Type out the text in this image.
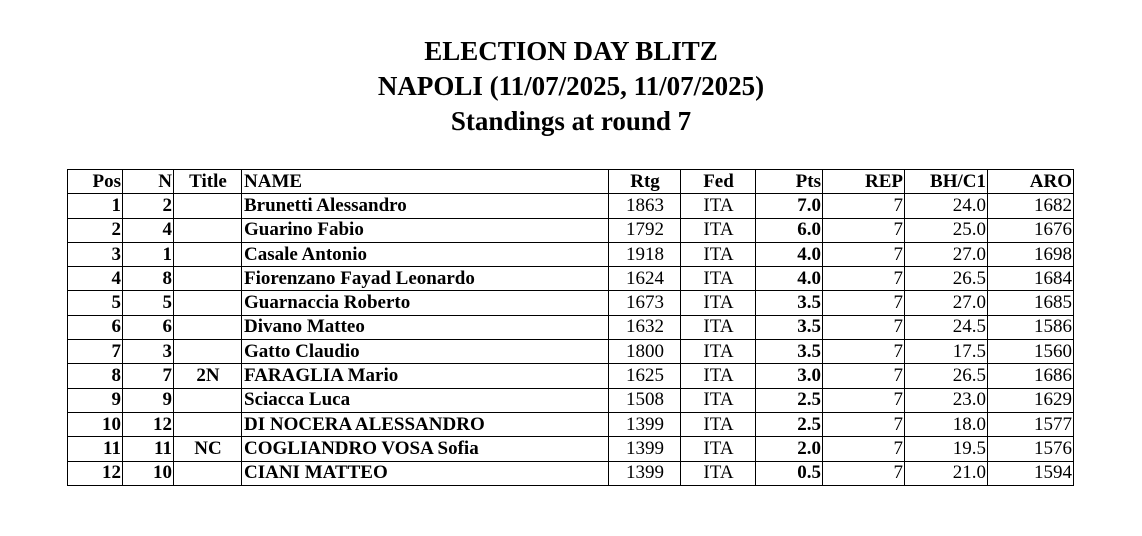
ELECTION DAY BLITZ
NAPOLI (11/07/2025, 11/07/2025)
Standings at round 7
Pos	N	Title	NAME	Rtg	Fed	Pts	REP	BH/C1	ARO
1	2		Brunetti Alessandro	1863	ITA	7.0	7	24.0	1682
2	4		Guarino Fabio	1792	ITA	6.0	7	25.0	1676
3	1		Casale Antonio	1918	ITA	4.0	7	27.0	1698
4	8		Fiorenzano Fayad Leonardo	1624	ITA	4.0	7	26.5	1684
5	5		Guarnaccia Roberto	1673	ITA	3.5	7	27.0	1685
6	6		Divano Matteo	1632	ITA	3.5	7	24.5	1586
7	3		Gatto Claudio	1800	ITA	3.5	7	17.5	1560
8	7	2N	FARAGLIA Mario	1625	ITA	3.0	7	26.5	1686
9	9		Sciacca Luca	1508	ITA	2.5	7	23.0	1629
10	12		DI NOCERA ALESSANDRO	1399	ITA	2.5	7	18.0	1577
11	11	NC	COGLIANDRO VOSA Sofia	1399	ITA	2.0	7	19.5	1576
12	10		CIANI MATTEO	1399	ITA	0.5	7	21.0	1594
